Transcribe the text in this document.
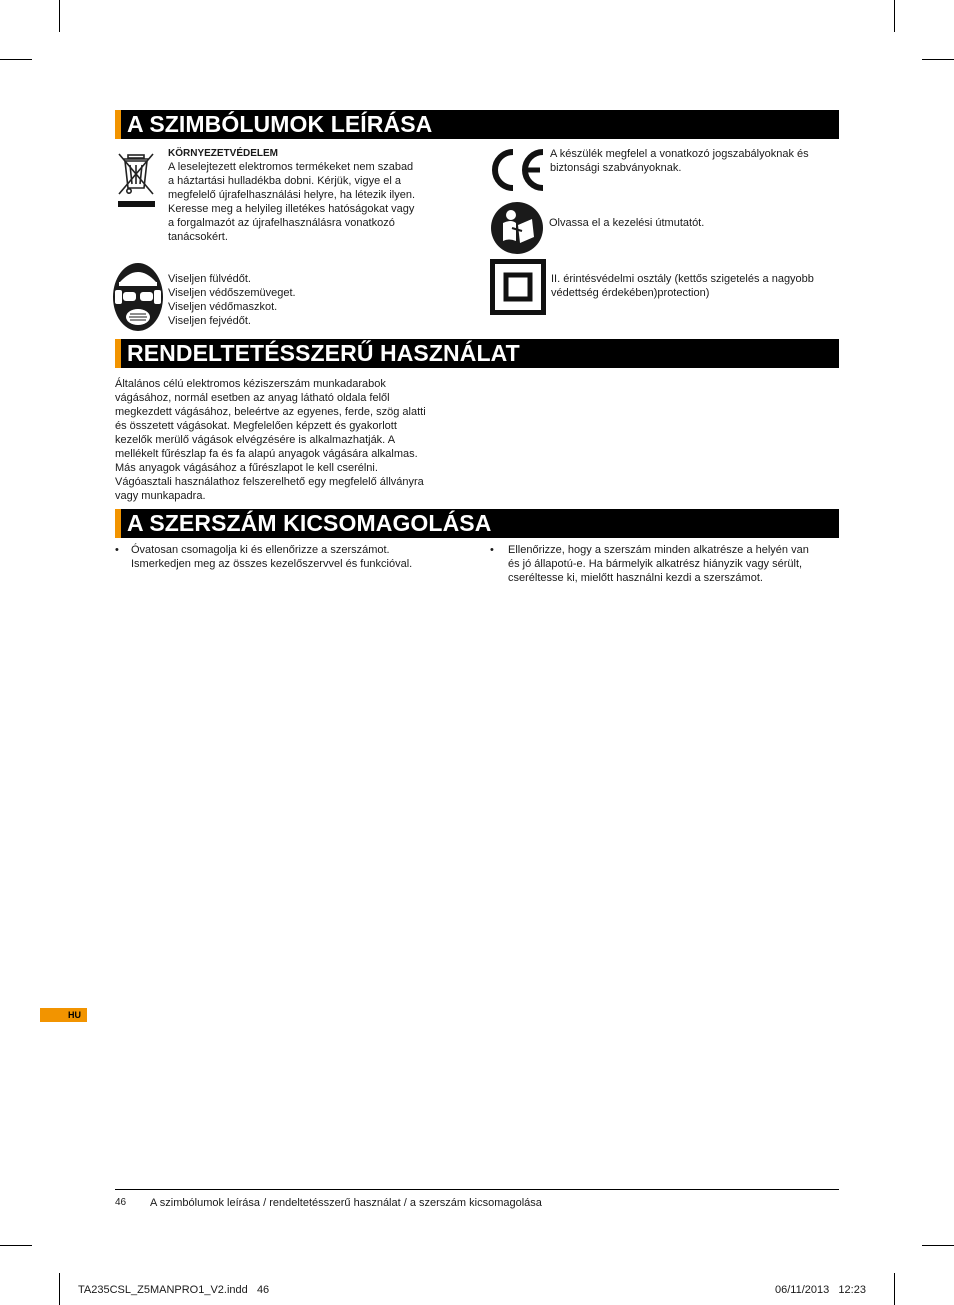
A SZIMBÓLUMOK LEÍRÁSA
KÖRNYEZETVÉDELEM
A leselejtezett elektromos termékeket nem szabad
a háztartási hulladékba dobni. Kérjük, vigye el a
megfelelő újrafelhasználási helyre, ha létezik ilyen.
Keresse meg a helyileg illetékes hatóságokat vagy
a forgalmazót az újrafelhasználásra vonatkozó
tanácsokért.
Viseljen fülvédőt.
Viseljen védőszemüveget.
Viseljen védőmaszkot.
Viseljen fejvédőt.
A készülék megfelel a vonatkozó jogszabályoknak és
biztonsági szabványoknak.
Olvassa el a kezelési útmutatót.
II. érintésvédelmi osztály (kettős szigetelés a nagyobb
védettség érdekében)protection)
RENDELTETÉSSZERŰ HASZNÁLAT
Általános célú elektromos kéziszerszám munkadarabok
vágásához, normál esetben az anyag látható oldala felől
megkezdett vágásához, beleértve az egyenes, ferde, szög alatti
és összetett vágásokat. Megfelelően képzett és gyakorlott
kezelők merülő vágások elvégzésére is alkalmazhatják. A
mellékelt fűrészlap fa és fa alapú anyagok vágására alkalmas.
Más anyagok vágásához a fűrészlapot le kell cserélni.
Vágóasztali használathoz felszerelhető egy megfelelő állványra
vagy munkapadra.
A SZERSZÁM KICSOMAGOLÁSA
• Óvatosan csomagolja ki és ellenőrizze a szerszámot.
Ismerkedjen meg az összes kezelőszervvel és funkcióval.
• Ellenőrizze, hogy a szerszám minden alkatrésze a helyén van
és jó állapotú-e. Ha bármelyik alkatrész hiányzik vagy sérült,
cseréltesse ki, mielőtt használni kezdi a szerszámot.
HU
46 A szimbólumok leírása / rendeltetésszerű használat / a szerszám kicsomagolása
TA235CSL_Z5MANPRO1_V2.indd   46	06/11/2013   12:23
